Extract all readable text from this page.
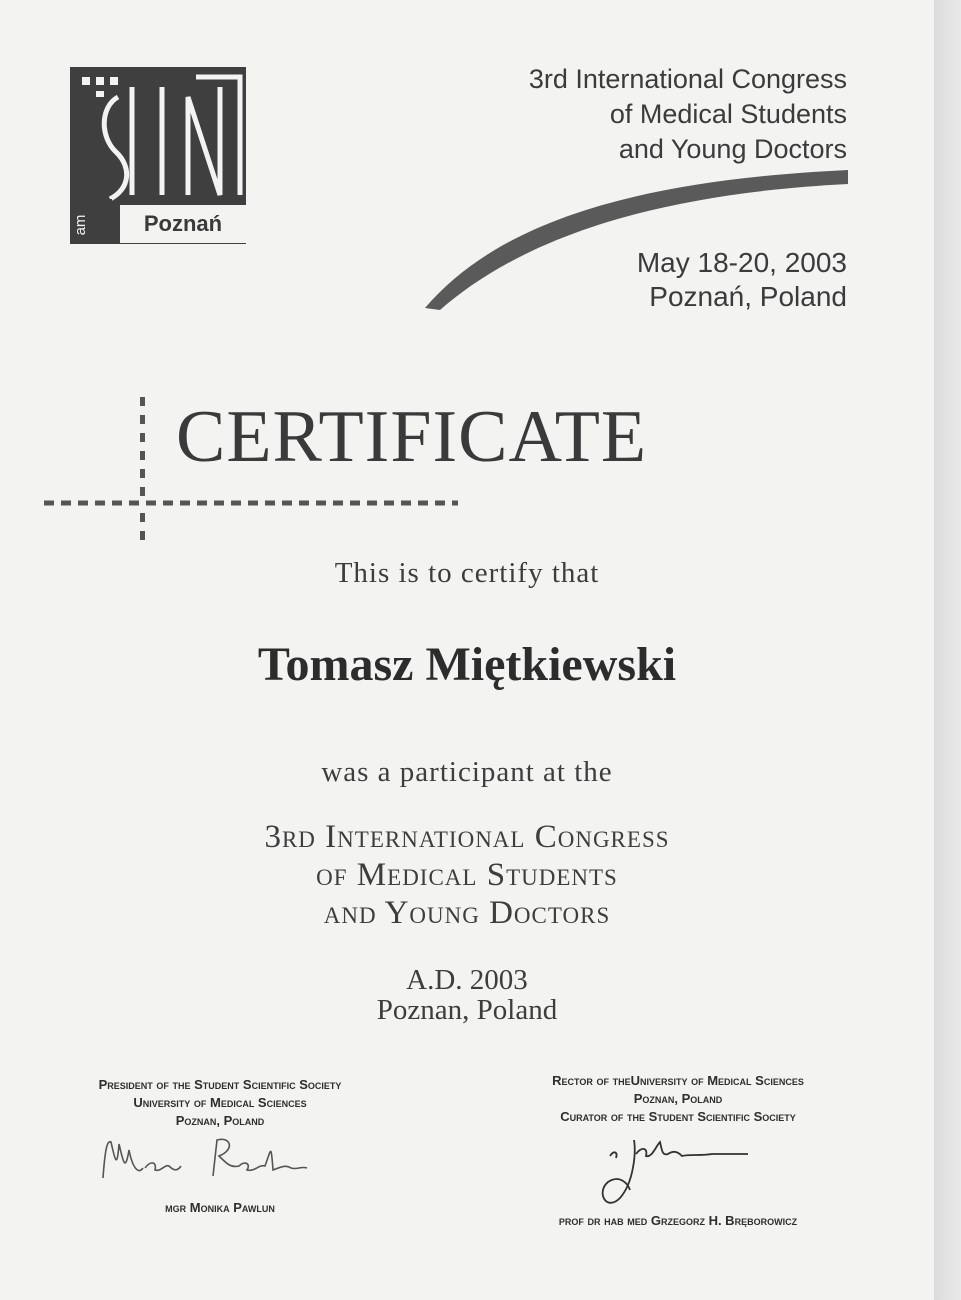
am	Poznań
3rd International Congress
of Medical Students
and Young Doctors
May 18-20, 2003
Poznań, Poland
CERTIFICATE
This is to certify that
Tomasz Miętkiewski
was a participant at the
3rd International Congress
of Medical Students
and Young Doctors
A.D. 2003
Poznan, Poland
President of the Student Scientific Society
University of Medical Sciences
Poznan, Poland
mgr Monika Pawlun
Rector of theUniversity of Medical Sciences
Poznan, Poland
Curator of the Student Scientific Society
prof dr hab med Grzegorz H. Bręborowicz
